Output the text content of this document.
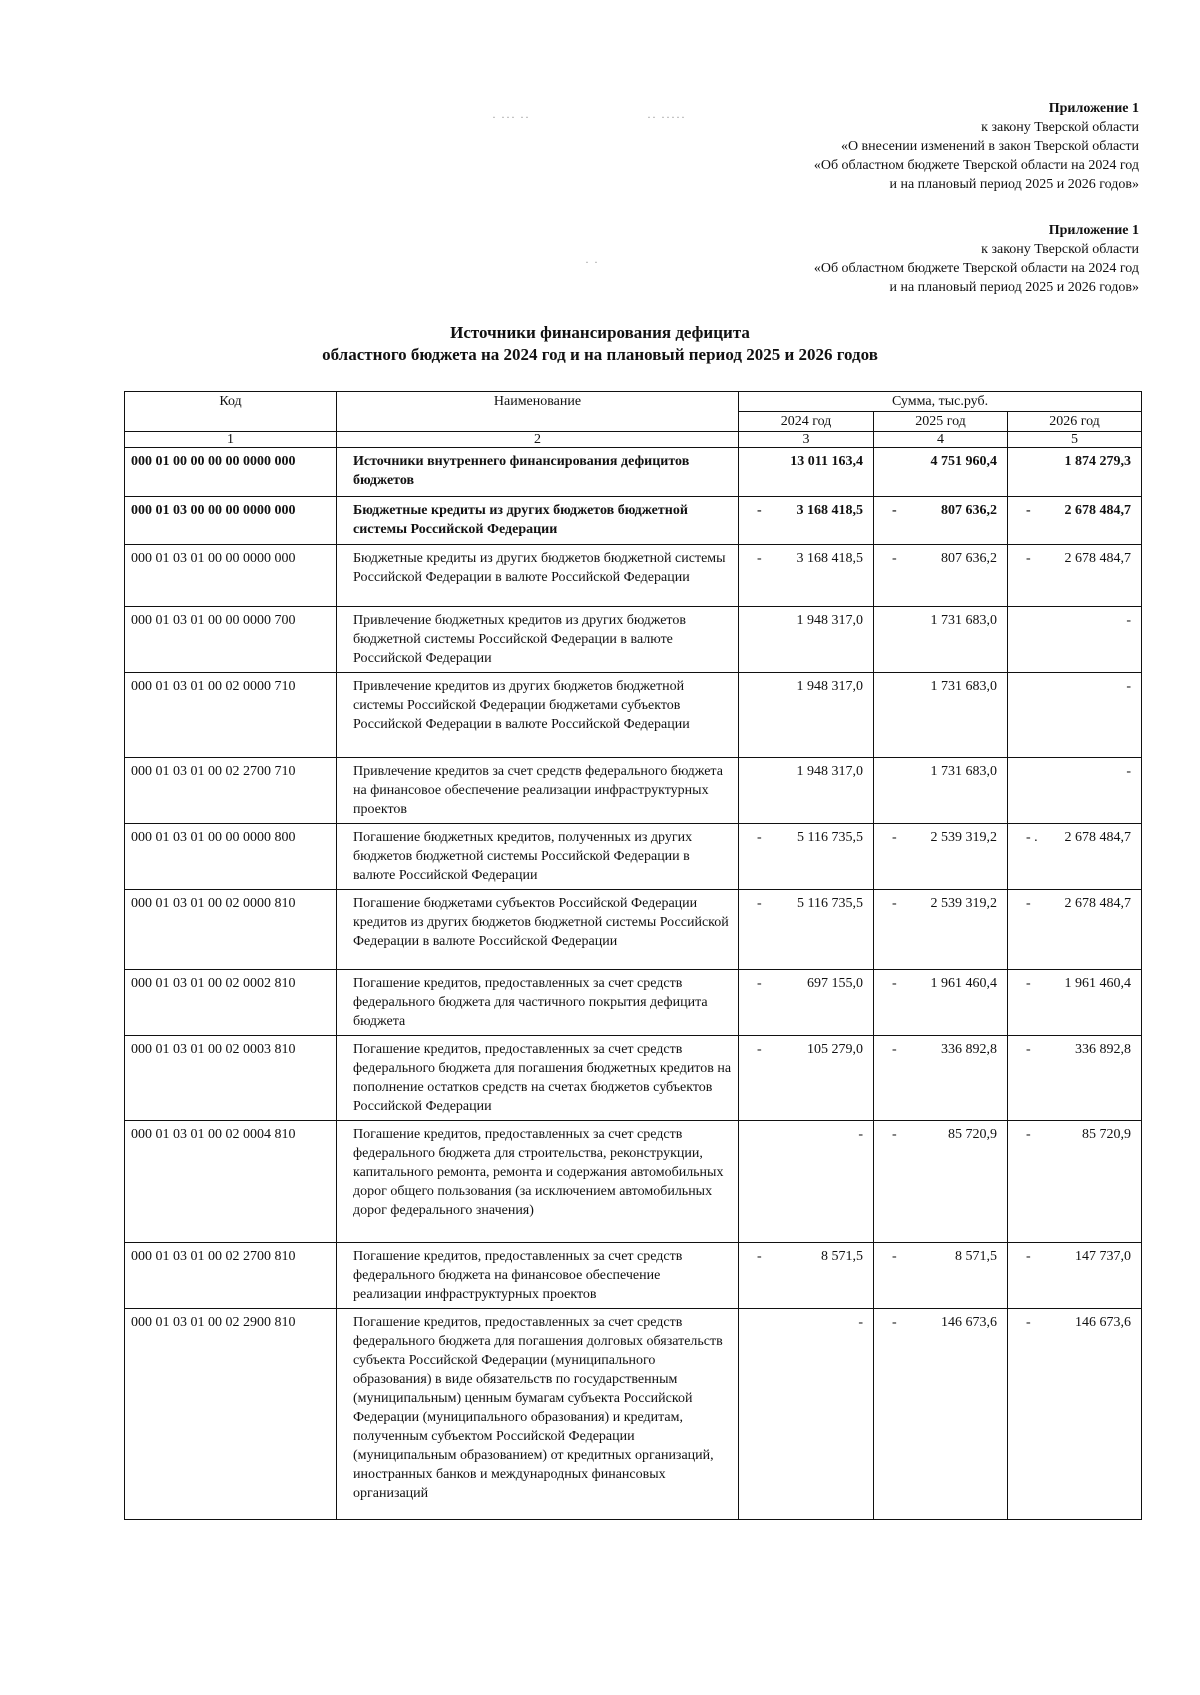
· ··· ··	·· ·····
· ·
Приложение 1
к закону Тверской области
«О внесении изменений в закон Тверской области
«Об областном бюджете Тверской области на 2024 год
и на плановый период 2025 и 2026 годов»
Приложение 1
к закону Тверской области
«Об областном бюджете Тверской области на 2024 год
и на плановый период 2025 и 2026 годов»
Источники финансирования дефицита
областного бюджета на 2024 год и на плановый период 2025 и 2026 годов
Код	Наименование	Сумма, тыс.руб.		
		2024 год	2025 год	2026 год
1	2	3	4	5
000 01 00 00 00 00 0000 000	Источники внутреннего финансирования дефицитов бюджетов	13 011 163,4	4 751 960,4	1 874 279,3

000 01 03 00 00 00 0000 000	Бюджетные кредиты из других бюджетов бюджетной системы Российской Федерации	- 3 168 418,5	- 807 636,2	- 2 678 484,7

000 01 03 01 00 00 0000 000	Бюджетные кредиты из других бюджетов бюджетной системы Российской Федерации в валюте Российской Федерации	- 3 168 418,5	- 807 636,2	- 2 678 484,7

000 01 03 01 00 00 0000 700	Привлечение бюджетных кредитов из других бюджетов бюджетной системы Российской Федерации в валюте Российской Федерации	1 948 317,0	1 731 683,0	-

000 01 03 01 00 02 0000 710	Привлечение кредитов из других бюджетов бюджетной системы Российской Федерации бюджетами субъектов Российской Федерации в валюте Российской Федерации	1 948 317,0	1 731 683,0	-

000 01 03 01 00 02 2700 710	Привлечение кредитов за счет средств федерального бюджета на финансовое обеспечение реализации инфраструктурных проектов	1 948 317,0	1 731 683,0	-

000 01 03 01 00 00 0000 800	Погашение бюджетных кредитов, полученных из других бюджетов бюджетной системы Российской Федерации в валюте Российской Федерации	- 5 116 735,5	- 2 539 319,2	- . 2 678 484,7

000 01 03 01 00 02 0000 810	Погашение бюджетами субъектов Российской Федерации кредитов из других бюджетов бюджетной системы Российской Федерации в валюте Российской Федерации	- 5 116 735,5	- 2 539 319,2	- 2 678 484,7

000 01 03 01 00 02 0002 810	Погашение кредитов, предоставленных за счет средств федерального бюджета для частичного покрытия дефицита бюджета	- 697 155,0	- 1 961 460,4	- 1 961 460,4

000 01 03 01 00 02 0003 810	Погашение кредитов, предоставленных за счет средств федерального бюджета для погашения бюджетных кредитов на пополнение остатков средств на счетах бюджетов субъектов Российской Федерации	- 105 279,0	- 336 892,8	- 336 892,8

000 01 03 01 00 02 0004 810	Погашение кредитов, предоставленных за счет средств федерального бюджета для строительства, реконструкции, капитального ремонта, ремонта и содержания автомобильных дорог общего пользования (за исключением автомобильных дорог федерального значения)	-	- 85 720,9	- 85 720,9

000 01 03 01 00 02 2700 810	Погашение кредитов, предоставленных за счет средств федерального бюджета на финансовое обеспечение реализации инфраструктурных проектов	- 8 571,5	- 8 571,5	- 147 737,0

000 01 03 01 00 02 2900 810	Погашение кредитов, предоставленных за счет средств федерального бюджета для погашения долговых обязательств субъекта Российской Федерации (муниципального образования) в виде обязательств по государственным (муниципальным) ценным бумагам субъекта Российской Федерации (муниципального образования) и кредитам, полученным субъектом Российской Федерации (муниципальным образованием) от кредитных организаций, иностранных банков и международных финансовых организаций	-	- 146 673,6	- 146 673,6
